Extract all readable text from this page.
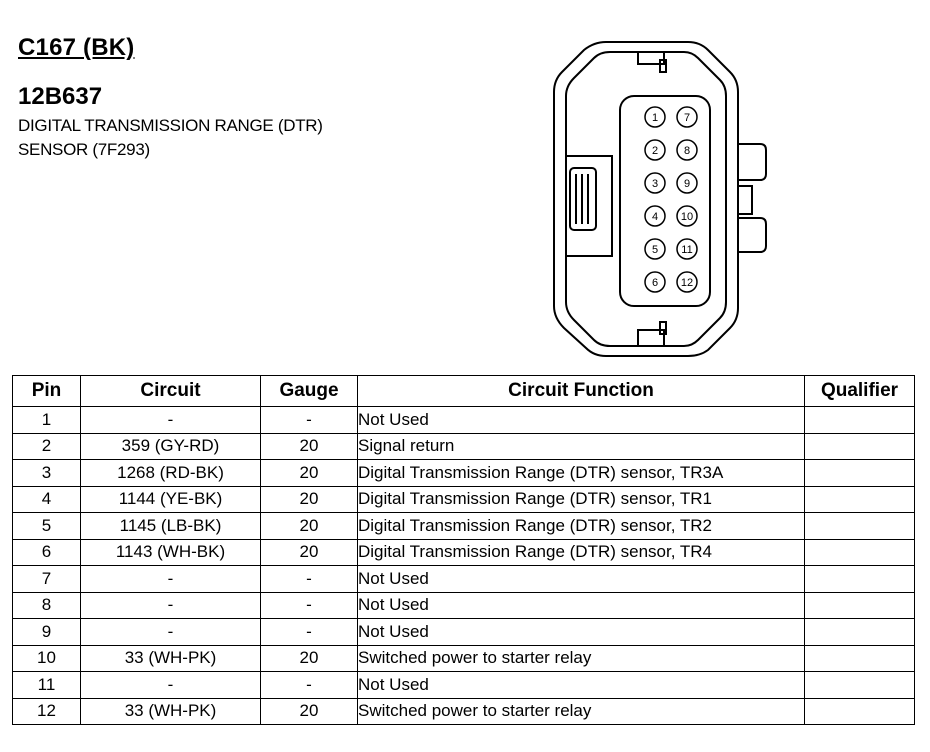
C167 (BK)
12B637
DIGITAL TRANSMISSION RANGE (DTR)
SENSOR (7F293)
1
2
3
4
5
6
7
8
9
10
11
12
Pin	Circuit	Gauge	Circuit Function	Qualifier
1	-	-	Not Used	
2	359 (GY-RD)	20	Signal return	
3	1268 (RD-BK)	20	Digital Transmission Range (DTR) sensor, TR3A	
4	1144 (YE-BK)	20	Digital Transmission Range (DTR) sensor, TR1	
5	1145 (LB-BK)	20	Digital Transmission Range (DTR) sensor, TR2	
6	1143 (WH-BK)	20	Digital Transmission Range (DTR) sensor, TR4	
7	-	-	Not Used	
8	-	-	Not Used	
9	-	-	Not Used	
10	33 (WH-PK)	20	Switched power to starter relay	
11	-	-	Not Used	
12	33 (WH-PK)	20	Switched power to starter relay	
